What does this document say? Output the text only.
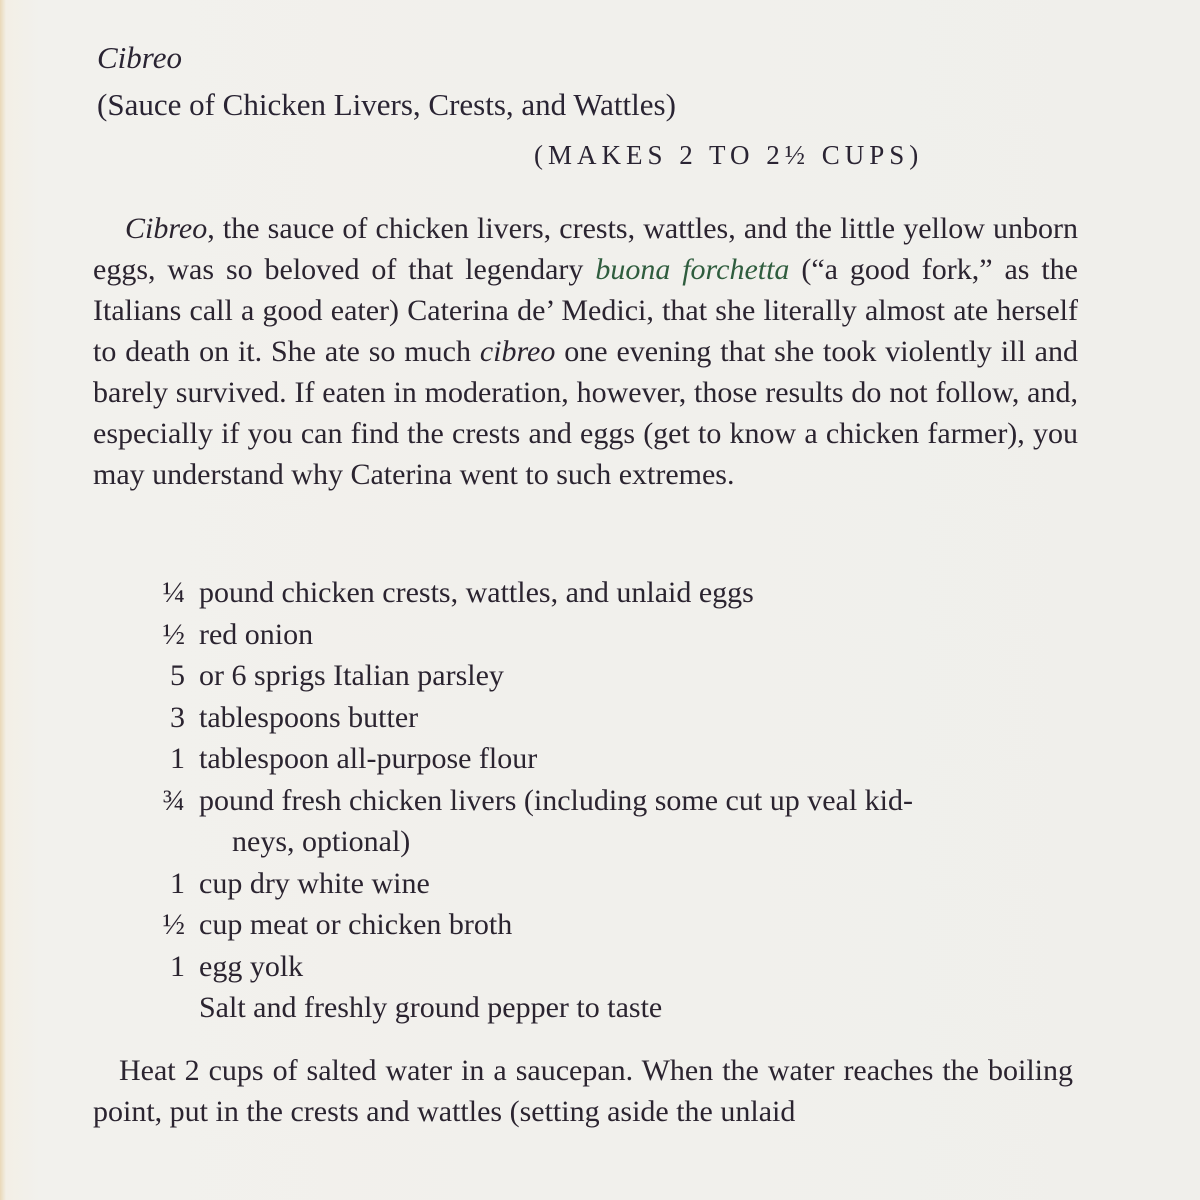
Cibreo
(Sauce of Chicken Livers, Crests, and Wattles)
(MAKES 2 TO 2½ CUPS)

Cibreo, the sauce of chicken livers, crests, wattles, and the little yellow unborn eggs, was so beloved of that legendary buona forchetta (“a good fork,” as the Italians call a good eater) Caterina de’ Medici, that she literally almost ate herself to death on it. She ate so much cibreo one evening that she took violently ill and barely survived. If eaten in moderation, however, those results do not follow, and, especially if you can find the crests and eggs (get to know a chicken farmer), you may understand why Caterina went to such extremes.

¼ pound chicken crests, wattles, and unlaid eggs
½ red onion
5 or 6 sprigs Italian parsley
3 tablespoons butter
1 tablespoon all-purpose flour
¾ pound fresh chicken livers (including some cut up veal kid-
neys, optional)
1 cup dry white wine
½ cup meat or chicken broth
1 egg yolk
Salt and freshly ground pepper to taste

Heat 2 cups of salted water in a saucepan. When the water reaches the boiling point, put in the crests and wattles (setting aside the unlaid
